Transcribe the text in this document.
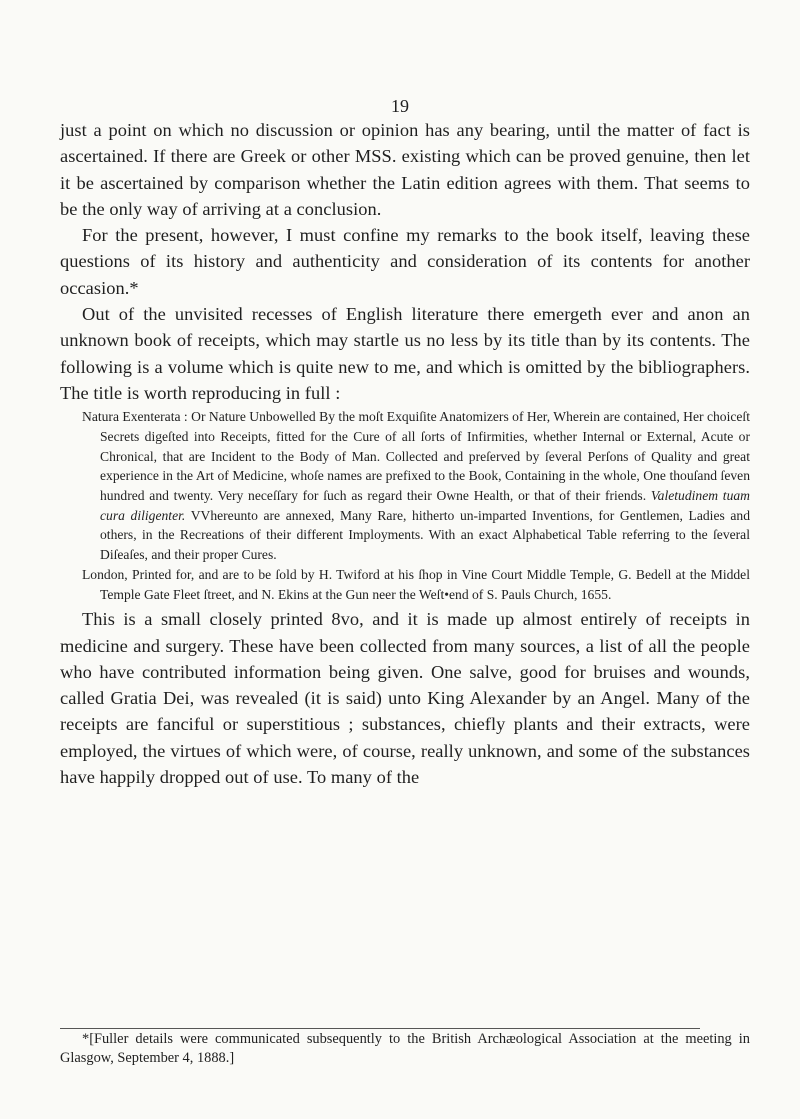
19

just a point on which no discussion or opinion has any bearing, until the matter of fact is ascertained. If there are Greek or other MSS. existing which can be proved genuine, then let it be ascertained by comparison whether the Latin edition agrees with them. That seems to be the only way of arriving at a conclusion.

For the present, however, I must confine my remarks to the book itself, leaving these questions of its history and authenticity and consideration of its contents for another occasion.*

Out of the unvisited recesses of English literature there emergeth ever and anon an unknown book of receipts, which may startle us no less by its title than by its contents. The following is a volume which is quite new to me, and which is omitted by the bibliographers. The title is worth reproducing in full :

Natura Exenterata : Or Nature Unbowelled By the moſt Exquiſite Anatomizers of Her, Wherein are contained, Her choiceſt Secrets digeſted into Receipts, fitted for the Cure of all ſorts of Infirmities, whether Internal or External, Acute or Chronical, that are Incident to the Body of Man. Collected and preſerved by ſeveral Perſons of Quality and great experience in the Art of Medicine, whoſe names are prefixed to the Book, Containing in the whole, One thouſand ſeven hundred and twenty. Very neceſſary for ſuch as regard their Owne Health, or that of their friends. Valetudinem tuam cura diligenter. VVhereunto are annexed, Many Rare, hitherto un-imparted Inventions, for Gentlemen, Ladies and others, in the Recreations of their different Imployments. With an exact Alphabetical Table referring to the ſeveral Diſeaſes, and their proper Cures.

London, Printed for, and are to be ſold by H. Twiford at his ſhop in Vine Court Middle Temple, G. Bedell at the Middel Temple Gate Fleet ſtreet, and N. Ekins at the Gun neer the Weſt•end of S. Pauls Church, 1655.

This is a small closely printed 8vo, and it is made up almost entirely of receipts in medicine and surgery. These have been collected from many sources, a list of all the people who have contributed information being given. One salve, good for bruises and wounds, called Gratia Dei, was revealed (it is said) unto King Alexander by an Angel. Many of the receipts are fanciful or superstitious ; substances, chiefly plants and their extracts, were employed, the virtues of which were, of course, really unknown, and some of the substances have happily dropped out of use. To many of the

*[Fuller details were communicated subsequently to the British Archæological Association at the meeting in Glasgow, September 4, 1888.]
